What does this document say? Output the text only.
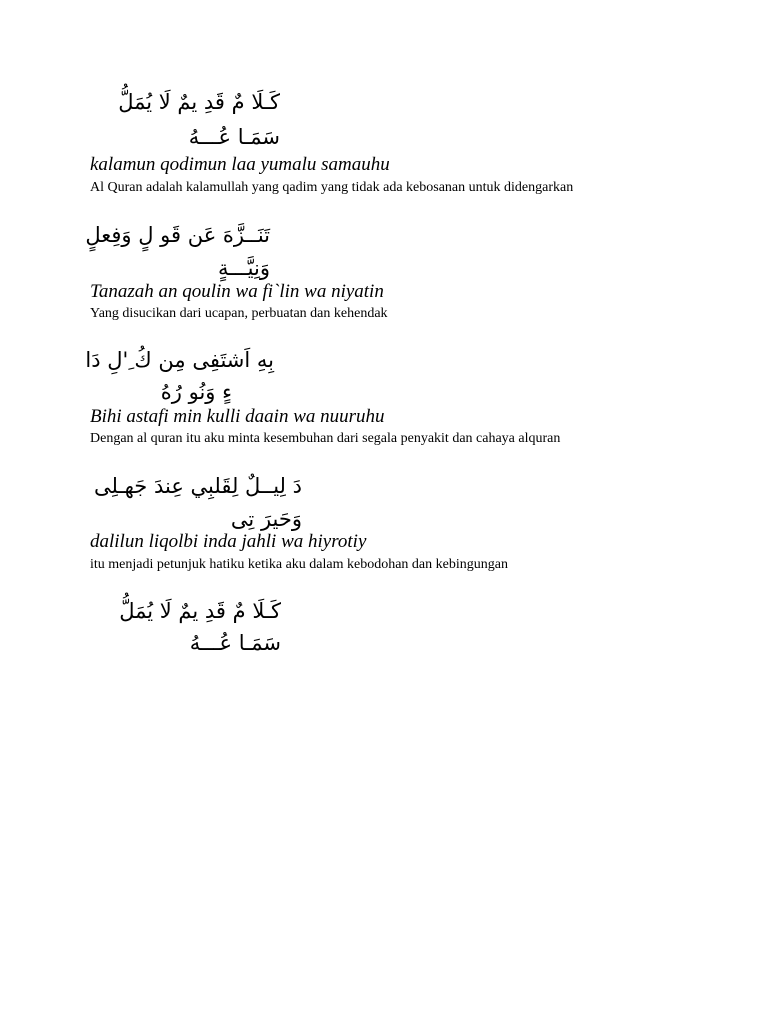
كَـلَا مٌ قَدِ يمٌ لَا يُمَلُّ
سَمَـا عُـــهُ
kalamun qodimun laa yumalu samauhu
Al Quran adalah kalamullah yang qadim yang tidak ada kebosanan untuk didengarkan
تَنَــزَّهَ عَن قَو لٍ وَفِعلٍ
وَنِيَّـــةٍ
Tanazah an qoulin wa fi`lin wa niyatin
Yang disucikan dari ucapan, perbuatan dan kehendak
بِهِ اَشتَفِى مِن كُ ِ'لِ دَا
ءٍ وَنُو رُهُ
Bihi astafi min kulli daain wa nuuruhu
Dengan al quran itu aku minta kesembuhan dari segala penyakit dan cahaya alquran
دَ لِيــلٌ لِقَلبِي عِندَ جَهـلِى
وَحَيرَ تِى
dalilun liqolbi inda jahli wa hiyrotiy
itu menjadi petunjuk hatiku ketika aku dalam kebodohan dan kebingungan
كَـلَا مٌ قَدِ يمٌ لَا يُمَلُّ
سَمَـا عُـــهُ
